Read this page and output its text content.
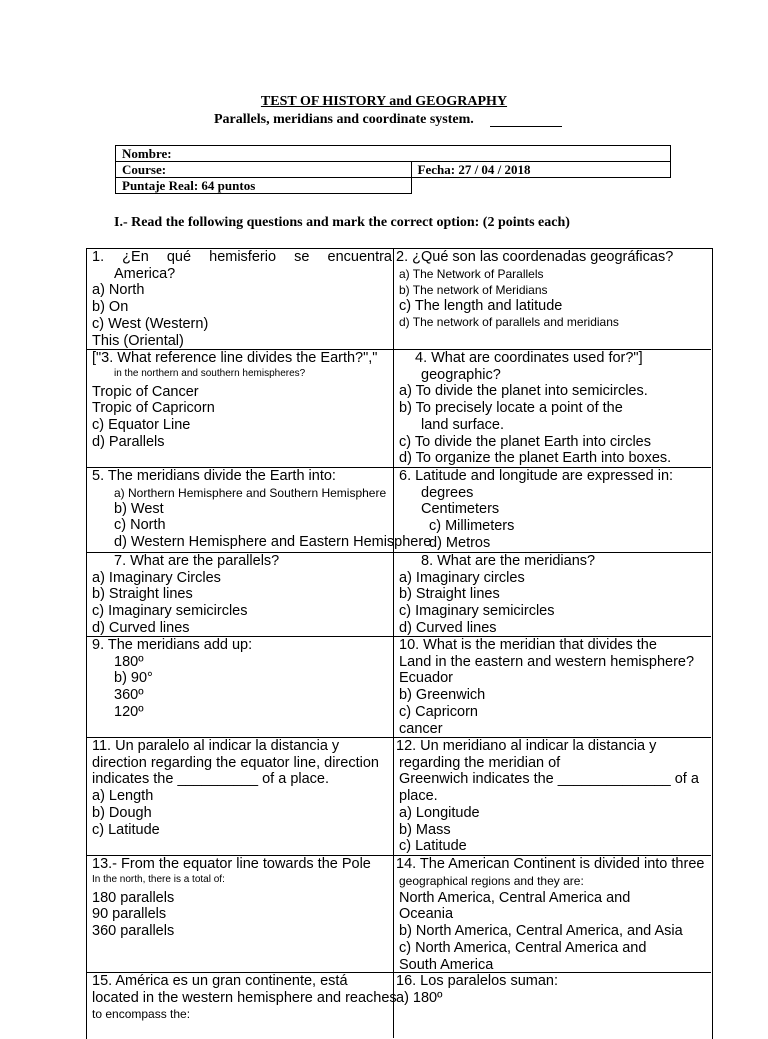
TEST OF HISTORY and GEOGRAPHY
Parallels, meridians and coordinate system.
Nombre:	
Course:	Fecha: 27 / 04 / 2018
Puntaje Real: 64 puntos	
I.- Read the following questions and mark the correct option: (2 points each)
1. ¿En qué hemisferio se encuentra
America?
a) North
b) On
c) West (Western)
This (Oriental)
2. ¿Qué son las coordenadas geográficas?
a) The Network of Parallels
b) The network of Meridians
c) The length and latitude
d) The network of parallels and meridians
["3. What reference line divides the Earth?","
in the northern and southern hemispheres?
Tropic of Cancer
Tropic of Capricorn
c) Equator Line
d) Parallels
4. What are coordinates used for?"]
geographic?
a) To divide the planet into semicircles.
b) To precisely locate a point of the
land surface.
c) To divide the planet Earth into circles
d) To organize the planet Earth into boxes.
5. The meridians divide the Earth into:
a) Northern Hemisphere and Southern Hemisphere
b) West
c) North
d) Western Hemisphere and Eastern Hemisphere
6. Latitude and longitude are expressed in:
degrees
Centimeters
c) Millimeters
d) Metros
7. What are the parallels?
a) Imaginary Circles
b) Straight lines
c) Imaginary semicircles
d) Curved lines
8. What are the meridians?
a) Imaginary circles
b) Straight lines
c) Imaginary semicircles
d) Curved lines
9. The meridians add up:
180º
b) 90°
360º
120º
10. What is the meridian that divides the
Land in the eastern and western hemisphere?
Ecuador
b) Greenwich
c) Capricorn
cancer
11. Un paralelo al indicar la distancia y
direction regarding the equator line, direction
indicates the __________ of a place.
a) Length
b) Dough
c) Latitude
12. Un meridiano al indicar la distancia y
regarding the meridian of
Greenwich indicates the ______________ of a
place.
a) Longitude
b) Mass
c) Latitude
13.- From the equator line towards the Pole
In the north, there is a total of:
180 parallels
90 parallels
360 parallels
14. The American Continent is divided into three
geographical regions and they are:
North America, Central America and
Oceania
b) North America, Central America, and Asia
c) North America, Central America and
South America
15. América es un gran continente, está
located in the western hemisphere and reaches
to encompass the:
16. Los paralelos suman:
a) 180º
